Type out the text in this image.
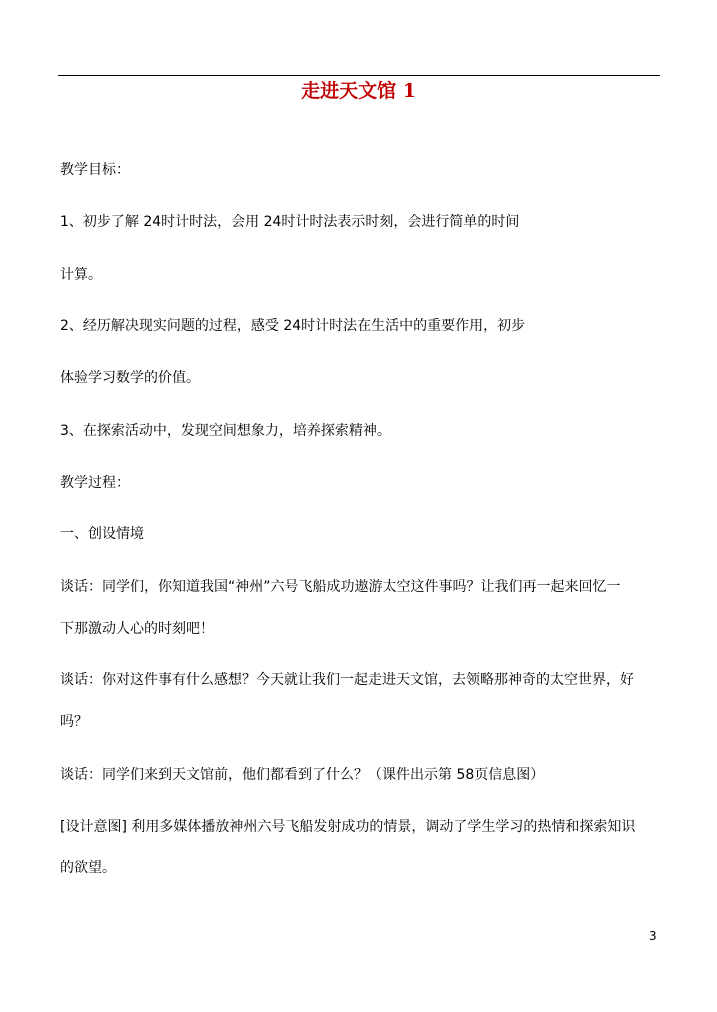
走进天文馆 1
教学目标：
1、初步了解 24时计时法，会用 24时计时法表示时刻，会进行简单的时间
计算。
2、经历解决现实问题的过程，感受 24时计时法在生活中的重要作用，初步
体验学习数学的价值。
3、在探索活动中，发现空间想象力，培养探索精神。
教学过程：
一、创设情境
谈话：同学们，你知道我国“神州”六号飞船成功遨游太空这件事吗？让我们再一起来回忆一
下那激动人心的时刻吧！
谈话：你对这件事有什么感想？今天就让我们一起走进天文馆，去领略那神奇的太空世界，好
吗？
谈话：同学们来到天文馆前，他们都看到了什么？（课件出示第 58页信息图）
[设计意图] 利用多媒体播放神州六号飞船发射成功的情景，调动了学生学习的热情和探索知识
的欲望。
3
